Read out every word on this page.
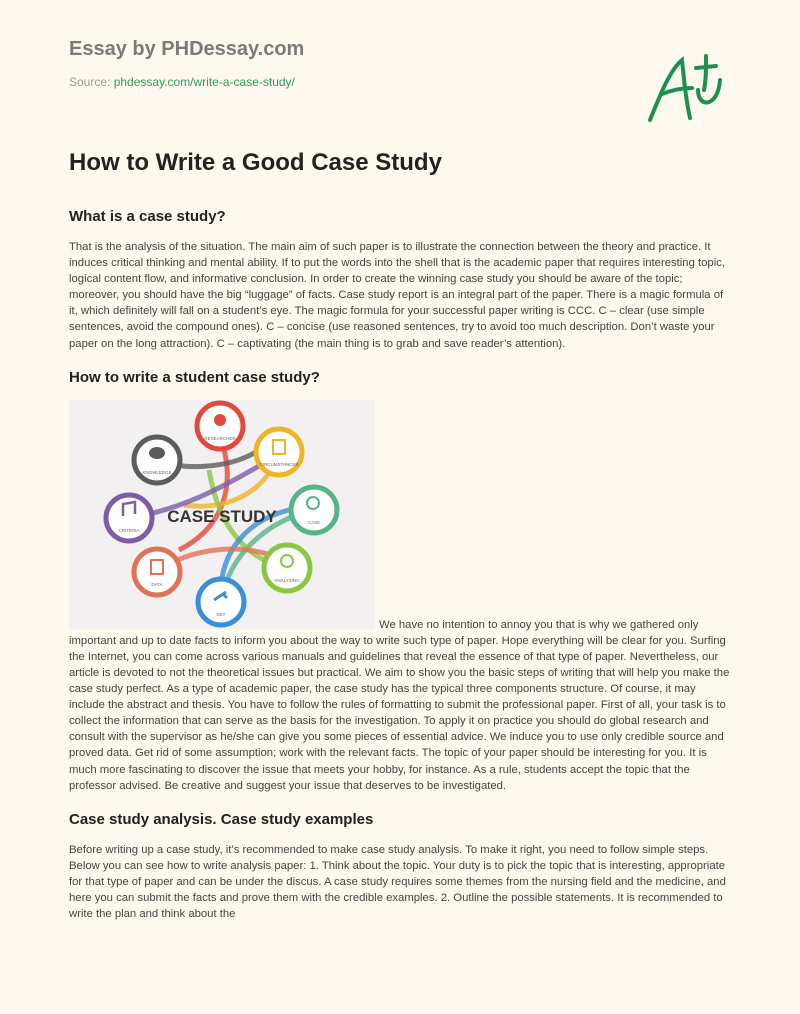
Essay by PHDessay.com
Source: phdessay.com/write-a-case-study/
How to Write a Good Case Study
What is a case study?

That is the analysis of the situation. The main aim of such paper is to illustrate the connection between the theory and practice. It induces critical thinking and mental ability. If to put the words into the shell that is the academic paper that requires interesting topic, logical content flow, and informative conclusion. In order to create the winning case study you should be aware of the topic; moreover, you should have the big “luggage” of facts. Case study report is an integral part of the paper. There is a magic formula of it, which definitely will fall on a student’s eye. The magic formula for your successful paper writing is CCC. C – clear (use simple sentences, avoid the compound ones). C – concise (use reasoned sentences, try to avoid too much description. Don’t waste your paper on the long attraction). C – captivating (the main thing is to grab and save reader’s attention).

How to write a student case study?
CASE STUDY
RESEARCHER
CIRCUMSTANCES
CASE
ANALYZING
KEY
DATA
CRITERIA
KNOWLEDGE

We have no intention to annoy you that is why we gathered only important and up to date facts to inform you about the way to write such type of paper. Hope everything will be clear for you. Surfing the Internet, you can come across various manuals and guidelines that reveal the essence of that type of paper. Nevertheless, our article is devoted to not the theoretical issues but practical. We aim to show you the basic steps of writing that will help you make the case study perfect. As a type of academic paper, the case study has the typical three components structure. Of course, it may include the abstract and thesis. You have to follow the rules of formatting to submit the professional paper. First of all, your task is to collect the information that can serve as the basis for the investigation. To apply it on practice you should do global research and consult with the supervisor as he/she can give you some pieces of essential advice. We induce you to use only credible source and proved data. Get rid of some assumption; work with the relevant facts. The topic of your paper should be interesting for you. It is much more fascinating to discover the issue that meets your hobby, for instance. As a rule, students accept the topic that the professor advised. Be creative and suggest your issue that deserves to be investigated.

Case study analysis. Case study examples

Before writing up a case study, it’s recommended to make case study analysis. To make it right, you need to follow simple steps. Below you can see how to write analysis paper: 1. Think about the topic. Your duty is to pick the topic that is interesting, appropriate for that type of paper and can be under the discus. A case study requires some themes from the nursing field and the medicine, and here you can submit the facts and prove them with the credible examples. 2. Outline the possible statements. It is recommended to write the plan and think about the
